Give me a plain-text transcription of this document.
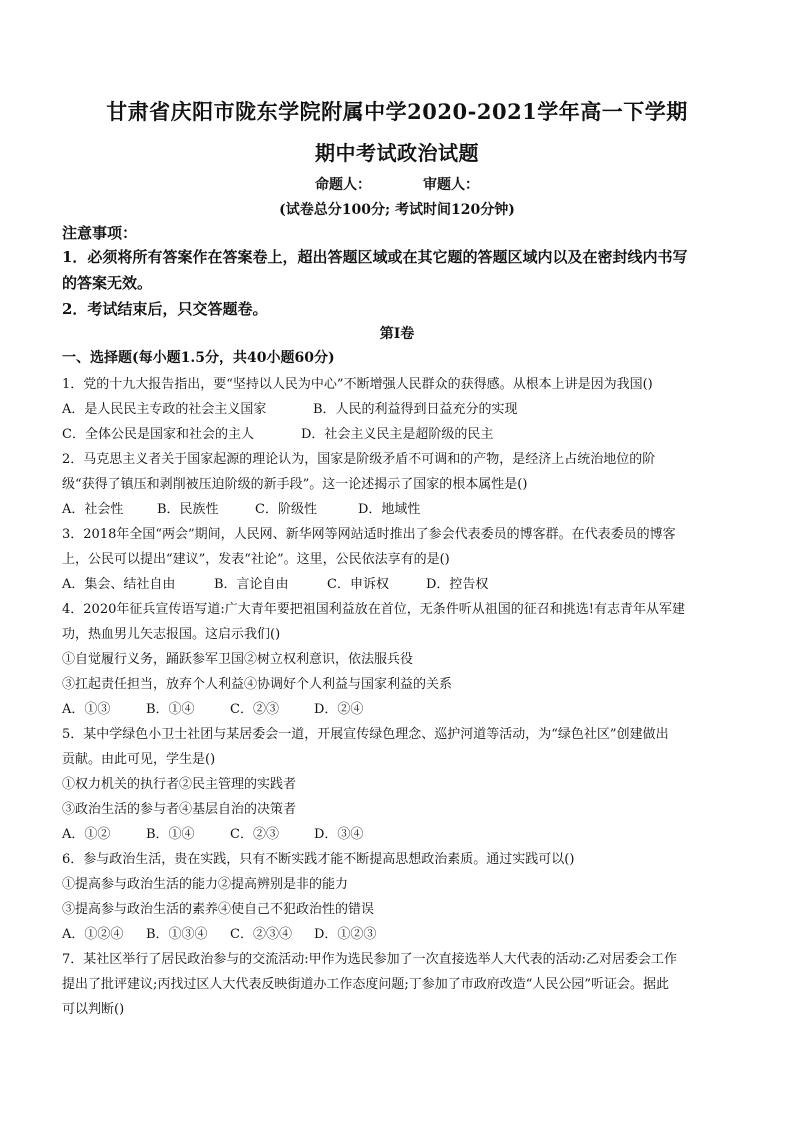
甘肃省庆阳市陇东学院附属中学2020-2021学年高一下学期
期中考试政治试题
命题人：	审题人：
(试卷总分100分; 考试时间120分钟)
注意事项：
1．必须将所有答案作在答案卷上，超出答题区域或在其它题的答题区域内以及在密封线内书写
的答案无效。
2．考试结束后，只交答题卷。
第Ⅰ卷
一、选择题(每小题1.5分，共40小题60分)
1．党的十九大报告指出，要“坚持以人民为中心”不断增强人民群众的获得感。从根本上讲是因为我国()
A．是人民民主专政的社会主义国家	B．人民的利益得到日益充分的实现
C．全体公民是国家和社会的主人	D．社会主义民主是超阶级的民主
2．马克思主义者关于国家起源的理论认为，国家是阶级矛盾不可调和的产物，是经济上占统治地位的阶
级“获得了镇压和剥削被压迫阶级的新手段”。这一论述揭示了国家的根本属性是()
A．社会性	B．民族性	C．阶级性	D．地域性
3．2018年全国“两会”期间，人民网、新华网等网站适时推出了参会代表委员的博客群。在代表委员的博客
上，公民可以提出“建议”，发表“社论”。这里，公民依法享有的是()
A．集会、结社自由	B．言论自由	C．申诉权	D．控告权
4．2020年征兵宣传语写道:广大青年要把祖国利益放在首位，无条件听从祖国的征召和挑选!有志青年从军建
功，热血男儿矢志报国。这启示我们()
①自觉履行义务，踊跃参军卫国②树立权利意识，依法服兵役
③扛起责任担当，放弃个人利益④协调好个人利益与国家利益的关系
A．①③	B．①④	C．②③	D．②④
5．某中学绿色小卫士社团与某居委会一道，开展宣传绿色理念、巡护河道等活动，为“绿色社区”创建做出
贡献。由此可见，学生是()
①权力机关的执行者②民主管理的实践者
③政治生活的参与者④基层自治的决策者
A．①②	B．①④	C．②③	D．③④
6．参与政治生活，贵在实践，只有不断实践才能不断提高思想政治素质。通过实践可以()
①提高参与政治生活的能力②提高辨别是非的能力
③提高参与政治生活的素养④使自己不犯政治性的错误
A．①②④ B．①③④ C．②③④ D．①②③
7．某社区举行了居民政治参与的交流活动:甲作为选民参加了一次直接选举人大代表的活动:乙对居委会工作
提出了批评建议;丙找过区人大代表反映街道办工作态度问题;丁参加了市政府改造“人民公园”听证会。据此
可以判断()
